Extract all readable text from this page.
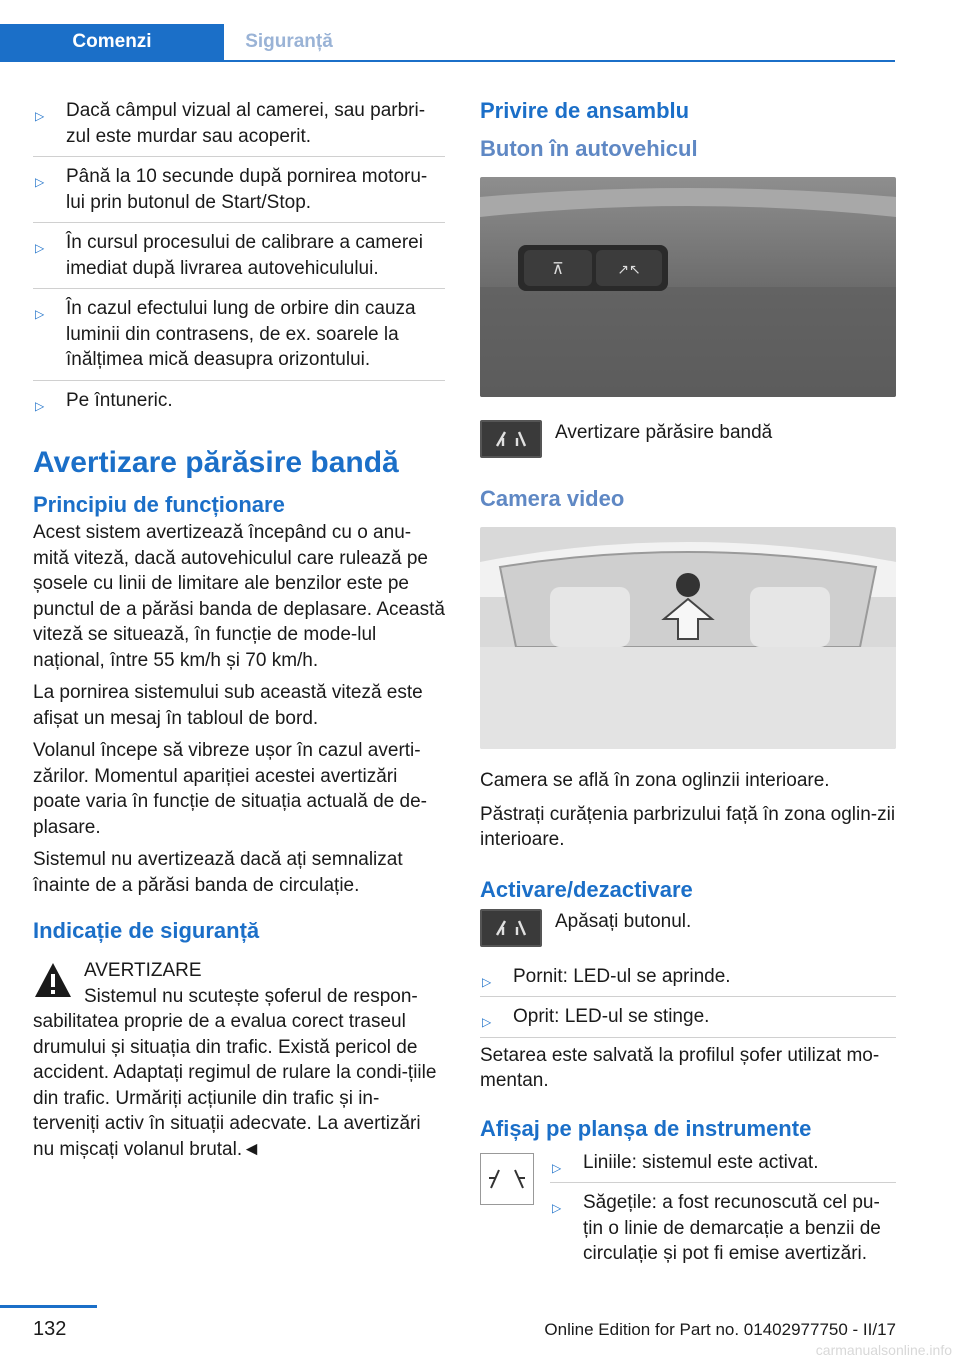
Comenzi	Siguranță
▷ Dacă câmpul vizual al camerei, sau parbri-zul este murdar sau acoperit.
▷ Până la 10 secunde după pornirea motoru-lui prin butonul de Start/Stop.
▷ În cursul procesului de calibrare a camerei imediat după livrarea autovehiculului.
▷ În cazul efectului lung de orbire din cauza luminii din contrasens, de ex. soarele la înălțimea mică deasupra orizontului.
▷ Pe întuneric.
Avertizare părăsire bandă
Principiu de funcționare

Acest sistem avertizează începând cu o anu-mită viteză, dacă autovehiculul care rulează pe șosele cu linii de limitare ale benzilor este pe punctul de a părăsi banda de deplasare. Această viteză se situează, în funcție de mode-lul național, între 55 km/h și 70 km/h.

La pornirea sistemului sub această viteză este afișat un mesaj în tabloul de bord.

Volanul începe să vibreze ușor în cazul averti-zărilor. Momentul apariției acestei avertizări poate varia în funcție de situația actuală de de-plasare.

Sistemul nu avertizează dacă ați semnalizat înainte de a părăsi banda de circulație.

Indicație de siguranță

AVERTIZARE

Sistemul nu scutește șoferul de respon-sabilitatea proprie de a evalua corect traseul drumului și situația din trafic. Există pericol de accident. Adaptați regimul de rulare la condi-țiile din trafic. Urmăriți acțiunile din trafic și in-terveniți activ în situații adecvate. La avertizări nu mișcați volanul brutal.◄

Privire de ansamblu
Buton în autovehicul
⊼	↗↖

Avertizare părăsire bandă

Camera video

Camera se află în zona oglinzii interioare.

Păstrați curățenia parbrizului față în zona oglin-zii interioare.

Activare/dezactivare

Apăsați butonul.

▷ Pornit: LED-ul se aprinde.
▷ Oprit: LED-ul se stinge.

Setarea este salvată la profilul șofer utilizat mo-mentan.

Afișaj pe planșa de instrumente
▷ Liniile: sistemul este activat.
▷ Săgețile: a fost recunoscută cel pu-țin o linie de demarcație a benzii de circulație și pot fi emise avertizări.
132	Online Edition for Part no. 01402977750 - II/17
carmanualsonline.info
